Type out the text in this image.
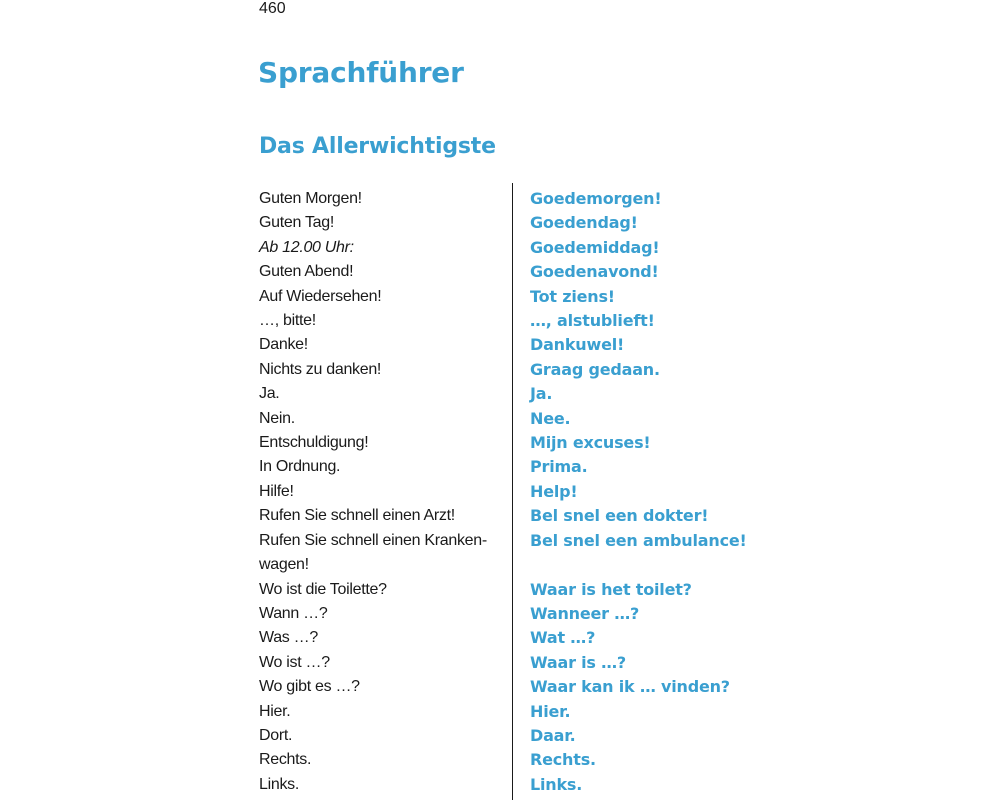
460
Sprachführer
Das Allerwichtigste
Guten Morgen!	Goedemorgen!
Guten Tag!	Goedendag!
Ab 12.00 Uhr:	Goedemiddag!
Guten Abend!	Goedenavond!
Auf Wiedersehen!	Tot ziens!
…, bitte!	…, alstublieft!
Danke!	Dankuwel!
Nichts zu danken!	Graag gedaan.
Ja.	Ja.
Nein.	Nee.
Entschuldigung!	Mijn excuses!
In Ordnung.	Prima.
Hilfe!	Help!
Rufen Sie schnell einen Arzt!	Bel snel een dokter!
Rufen Sie schnell einen Kranken-	Bel snel een ambulance!
wagen!
Wo ist die Toilette?	Waar is het toilet?
Wann …?	Wanneer …?
Was …?	Wat …?
Wo ist …?	Waar is …?
Wo gibt es …?	Waar kan ik … vinden?
Hier.	Hier.
Dort.	Daar.
Rechts.	Rechts.
Links.	Links.
